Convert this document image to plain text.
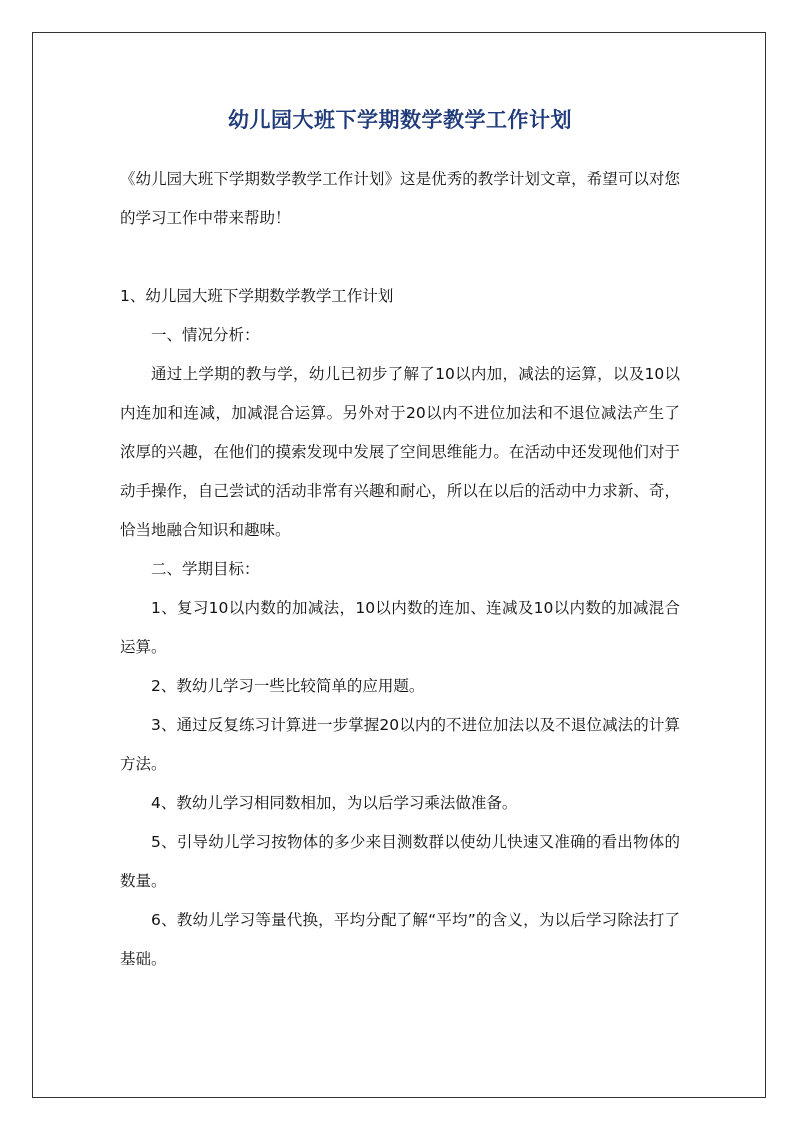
幼儿园大班下学期数学教学工作计划

《幼儿园大班下学期数学教学工作计划》这是优秀的教学计划文章，希望可以对您的学习工作中带来帮助！

1、幼儿园大班下学期数学教学工作计划

一、情况分析：

通过上学期的教与学，幼儿已初步了解了10以内加，减法的运算，以及10以内连加和连减，加减混合运算。另外对于20以内不进位加法和不退位减法产生了浓厚的兴趣，在他们的摸索发现中发展了空间思维能力。在活动中还发现他们对于动手操作，自己尝试的活动非常有兴趣和耐心，所以在以后的活动中力求新、奇，恰当地融合知识和趣味。

二、学期目标：

1、复习10以内数的加减法，10以内数的连加、连减及10以内数的加减混合运算。

2、教幼儿学习一些比较简单的应用题。

3、通过反复练习计算进一步掌握20以内的不进位加法以及不退位减法的计算方法。

4、教幼儿学习相同数相加，为以后学习乘法做准备。

5、引导幼儿学习按物体的多少来目测数群以使幼儿快速又准确的看出物体的数量。

6、教幼儿学习等量代换，平均分配了解“平均”的含义，为以后学习除法打了基础。
